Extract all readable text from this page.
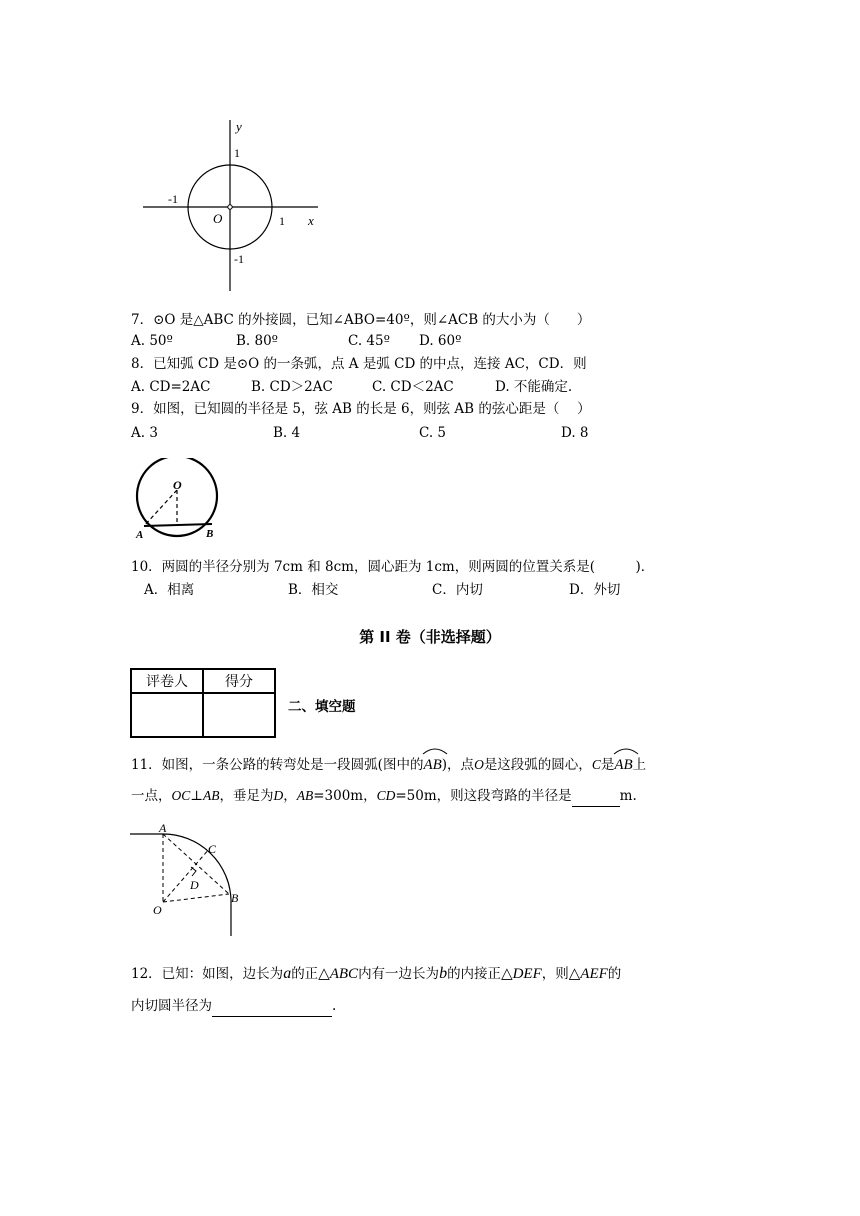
y
x
O
1
-1
1
-1
7．⊙O 是△ABC 的外接圆，已知∠ABO=40º，则∠ACB 的大小为（　　）
A. 50º	B. 80º	C. 45º D. 60º
8．已知弧 CD 是⊙O 的一条弧，点 A 是弧 CD 的中点，连接 AC，CD．则
A. CD=2AC	B. CD＞2AC	C. CD＜2AC	D. 不能确定.
9．如图，已知圆的半径是 5，弦 AB 的长是 6，则弦 AB 的弦心距是（　 ）
A. 3	B. 4	C. 5	D. 8
O
A	B
10．两圆的半径分别为 7cm 和 8cm，圆心距为 1cm，则两圆的位置关系是(　　　)．
A．相离	B．相交	C．内切	D．外切
第 II 卷（非选择题）
评卷人	得分

二、填空题
11．如图，一条公路的转弯处是一段圆弧(图中的
AB)，点O是这段弧的圆心，C是
AB上
一点，OC⊥AB，垂足为D，AB=300m，CD=50m，则这段弯路的半径是	m.
A
C
D
O
B
12．已知：如图，边长为a的正△ABC内有一边长为b的内接正△DEF，则△AEF的
内切圆半径为	.
